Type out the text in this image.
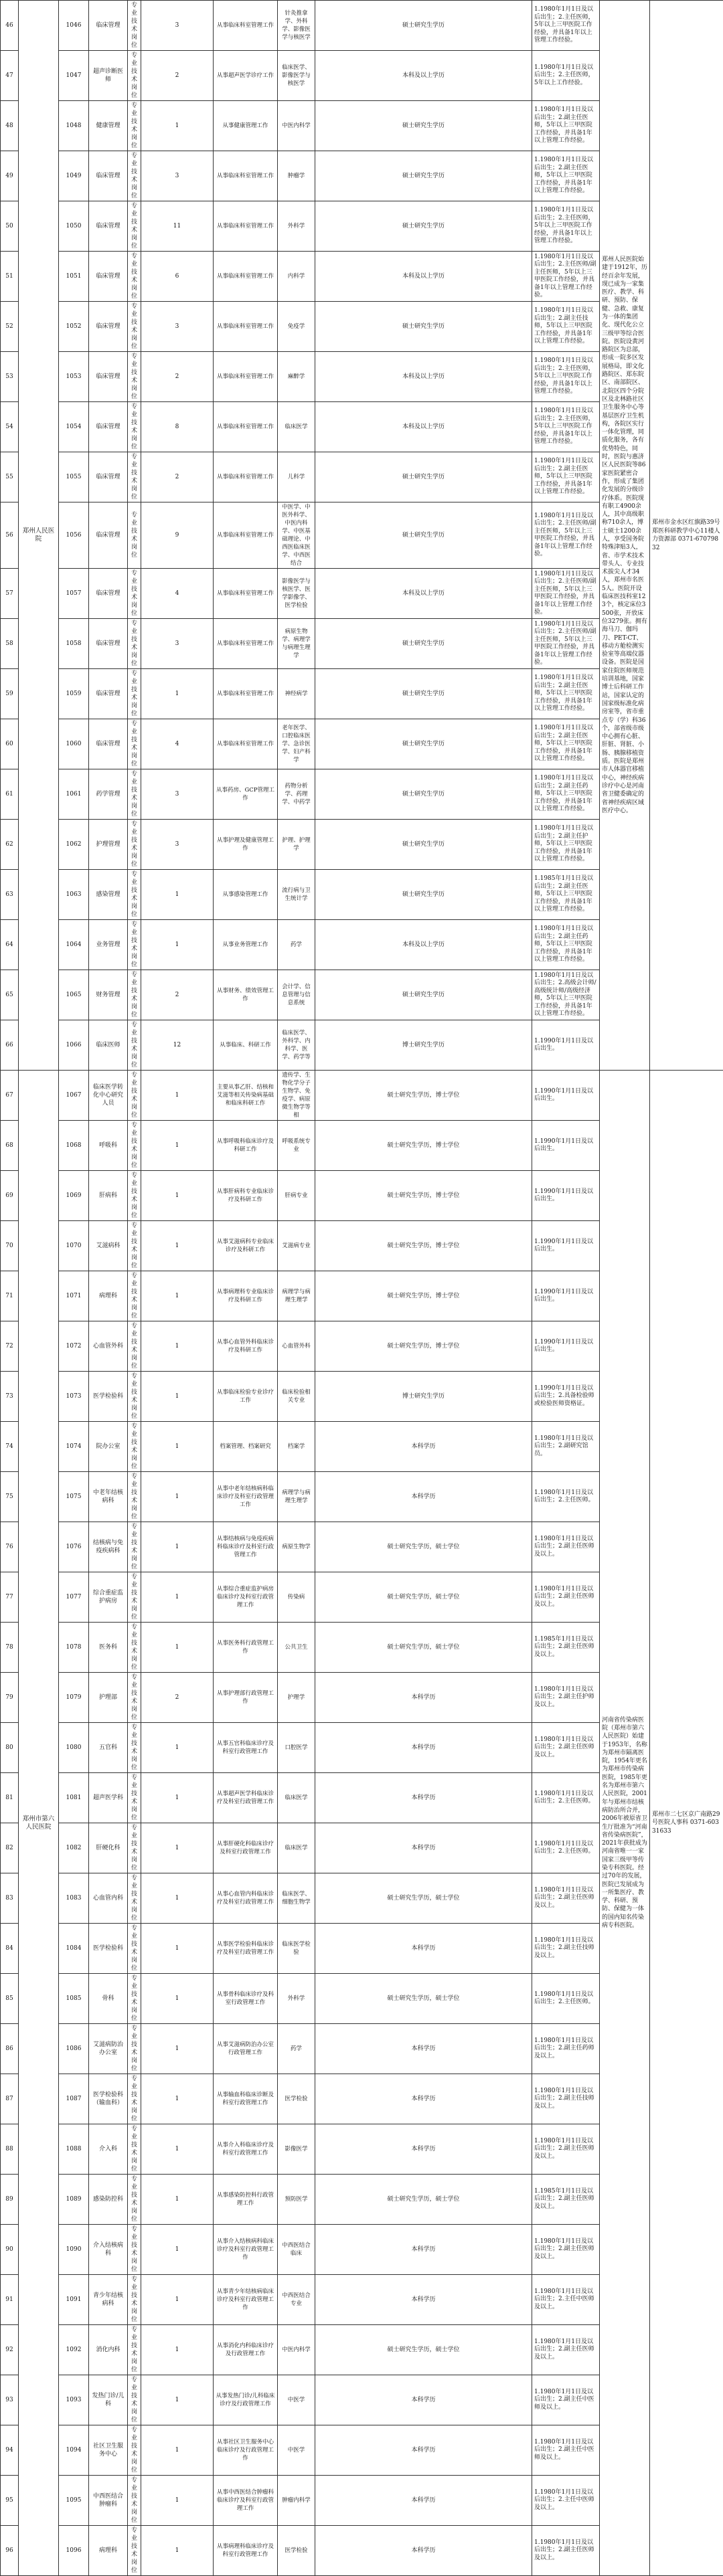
46	郑州人民医院	1046	临床管理	专业技术岗位	3	从事临床科室管理工作	针灸推拿学、外科学、影像医学与核医学	硕士研究生学历	1.1980年1月1日及以后出生；2.主任医师，5年以上三甲医院工作经验，并具备1年以上管理工作经验。	郑州人民医院始建于1912年，历经百余年发展，现已成为一家集医疗、教学、科研、预防、保健、急救、康复为一体的集团化、现代化公立三级甲等综合医院。医院设黄河路院区为总部，形成一院多区发展格局，即文化路院区、郑东院区、南部院区、北院区四个分院区及北林路社区卫生服务中心等基层医疗卫生机构，各院区实行一体化管理，同质化服务，各有优势特色，同时，医院与惠济区人民医院等86家医院紧密合作，形成了集团化发展的分级诊疗体系。医院现有职工4900余人，其中高级职称710余人，博士硕士1200余人，享受国务院特殊津贴3人，省、市学术技术带头人、专业技术拔尖人才34人，郑州市名医5人。医院开设临床医技科室123个，核定床位3500张，开放床位3279张。拥有海马刀、伽玛刀、PET-CT、移动方舱检测实验室等高端仪器设备。医院是国家住院医师规范培训基地，国家博士后科研工作站，国家认定的国家级标准化病房室等，省市重点专（学）科36个，部省级市级中心拥有心脏、肝脏、肾脏、小肠、胰腺移植资质。医院是郑州市人体器官移植中心，神经疾病诊疗中心是河南省卫健委确定的省神经疾病区域医疗中心。	郑州市金水区红旗路39号郑医科研教学中心11楼人力资源部 0371-67079832
47		1047	超声诊断医师	专业技术岗位	2	从事超声医学诊疗工作	临床医学、影像医学与核医学	本科及以上学历	1.1980年1月1日及以后出生；2.主任医师，5年以上工作经验。		
48		1048	健康管理	专业技术岗位	1	从事健康管理工作	中医内科学	硕士研究生学历	1.1980年1月1日及以后出生；2.副主任医师，5年以上三甲医院工作经验，并具备1年以上管理工作经验。		
49		1049	临床管理	专业技术岗位	3	从事临床科室管理工作	肿瘤学	硕士研究生学历	1.1980年1月1日及以后出生；2.副主任医师，5年以上三甲医院工作经验，并具备1年以上管理工作经验。		
50		1050	临床管理	专业技术岗位	11	从事临床科室管理工作	外科学	硕士研究生学历	1.1980年1月1日及以后出生；2.主任医师，5年以上三甲医院工作经验，并具备1年以上管理工作经验。		
51		1051	临床管理	专业技术岗位	6	从事临床科室管理工作	内科学	本科及以上学历	1.1980年1月1日及以后出生；2.主任医师/副主任医师，5年以上三甲医院工作经验，并具备1年以上管理工作经验。		
52		1052	临床管理	专业技术岗位	3	从事临床科室管理工作	免疫学	硕士研究生学历	1.1980年1月1日及以后出生；2.副主任技师，5年以上三甲医院工作经验，并具备1年以上管理工作经验。		
53		1053	临床管理	专业技术岗位	2	从事临床科室管理工作	麻醉学	本科及以上学历	1.1980年1月1日及以后出生；2.主任医师，5年以上三甲医院工作经验，并具备1年以上管理工作经验。		
54		1054	临床管理	专业技术岗位	8	从事临床科室管理工作	临床医学	本科及以上学历	1.1980年1月1日及以后出生；2.主任医师，5年以上三甲医院工作经验，并具备1年以上管理工作经验。		
55		1055	临床管理	专业技术岗位	2	从事临床科室管理工作	儿科学	硕士研究生学历	1.1980年1月1日及以后出生；2.副主任医师，5年以上三甲医院工作经验，并具备1年以上管理工作经验。		
56		1056	临床管理	专业技术岗位	9	从事临床科室管理工作	中医学、中医外科学、中医内科学、中医基础理论、中西医临床医学、中西医结合	硕士研究生学历	1.1980年1月1日及以后出生；2.主任医师/副主任医师，5年以上三甲医院工作经验，并具备1年以上管理工作经验。		
57		1057	临床管理	专业技术岗位	4	从事临床科室管理工作	影像医学与核医学、医学影像学、医学检验	本科及以上学历	1.1980年1月1日及以后出生；2.主任医师/副主任医师，5年以上三甲医院工作经验，并具备1年以上管理工作经验。		
58		1058	临床管理	专业技术岗位	3	从事临床科室管理工作	病原生物学、病理学与病理生理学	硕士研究生学历	1.1980年1月1日及以后出生；2.主任医师/副主任医师，5年以上三甲医院工作经验，并具备1年以上管理工作经验。		
59		1059	临床管理	专业技术岗位	1	从事临床科室管理工作	神经病学	硕士研究生学历	1.1980年1月1日及以后出生；2.副主任医师，5年以上三甲医院工作经验，并具备1年以上管理工作经验。		
60		1060	临床管理	专业技术岗位	4	从事临床科室管理工作	老年医学、口腔临床医学、急诊医学、妇产科学	硕士研究生学历	1.1980年1月1日及以后出生；2.副主任医师，5年以上三甲医院工作经验，并具备1年以上管理工作经验。		
61		1061	药学管理	专业技术岗位	3	从事药房、GCP管理工作	药物分析学、药理学、中药学	硕士研究生学历	1.1980年1月1日及以后出生；2.副主任药师，5年以上三甲医院工作经验，并具备1年以上管理工作经验。		
62		1062	护理管理	专业技术岗位	3	从事护理及健康管理工作	护理、护理学	硕士研究生学历	1.1980年1月1日及以后出生；2.副主任护师，5年以上三甲医院工作经验，并具备1年以上管理工作经验。		
63		1063	感染管理	专业技术岗位	1	从事感染管理工作	流行病与卫生统计学	硕士研究生学历	1.1985年1月1日及以后出生；2.副主任医师，5年以上三甲医院工作经验，并具备1年以上管理工作经验。		
64		1064	业务管理	专业技术岗位	1	从事业务管理工作	药学	本科及以上学历	1.1980年1月1日及以后出生；2.副主任药师，5年以上三甲医院工作经验，并具备1年以上管理工作经验。		
65		1065	财务管理	专业技术岗位	2	从事财务、绩效管理工作	会计学、信息管理与信息系统	硕士研究生学历	1.1980年1月1日及以后出生；2.高级会计师/高级统计师/高级经济师，5年以上三甲医院工作经验，并具备1年以上管理工作经验。		
66		1066	临床医师	专业技术岗位	12	从事临床、科研工作	临床医学、外科学、内科学、医学、药学等	博士研究生学历	1.1990年1月1日及以后出生。		
67	郑州市第六人民医院	1067	临床医学转化中心研究人员	专业技术岗位	1	主要从事乙肝、结核和艾滋等相关传染病基础和临床科研工作	遗传学、生物化学分子生物学、免疫学、病原微生物学等相	硕士研究生学历，博士学位	1.1990年1月1日及以后出生。	河南省传染病医院（郑州市第六人民医院）始建于1953年，名称为郑州市隔离医院，1954年更名为郑州市传染病医院，1985年更名为郑州市第六人民医院，2001年与郑州市结核病防治所合并，2006年被原省卫生厅批准为“河南省传染病医院”，2021年获批成为河南省唯一一家国家三级甲等传染专科医院。经过70年的发展，医院已发展成为一所集医疗、教学、科研、预防、保健为一体的国内知名传染病专科医院。	郑州市二七区京广南路29号医院人事科 0371-60331633
68		1068	呼吸科	专业技术岗位	1	从事呼吸科临床诊疗及科研工作	呼吸系统专业	硕士研究生学历，博士学位	1.1990年1月1日及以后出生。		
69		1069	肝病科	专业技术岗位	1	从事肝病科专业临床诊疗及科研工作	肝病专业	硕士研究生学历，博士学位	1.1990年1月1日及以后出生。		
70		1070	艾滋病科	专业技术岗位	1	从事艾滋病科专业临床诊疗及科研工作	艾滋病专业	硕士研究生学历，博士学位	1.1990年1月1日及以后出生。		
71		1071	病理科	专业技术岗位	1	从事病理科专业临床诊疗及科研工作	病理学与病理生理学	硕士研究生学历，博士学位	1.1990年1月1日及以后出生。		
72		1072	心血管外科	专业技术岗位	1	从事心血管外科临床诊疗及科研工作	心血管外科	硕士研究生学历，博士学位	1.1990年1月1日及以后出生。		
73		1073	医学检验科	专业技术岗位	1	从事临床检验专业诊疗工作	临床检验相关专业	博士研究生学历	1.1990年1月1日及以后出生；2.具备检验师或检验医师资格证。		
74		1074	院办公室	专业技术岗位	1	档案管理、档案研究	档案学	本科学历	1.1980年1月1日及以后出生；2.副研究馆员。		
75		1075	中老年结核病科	专业技术岗位	1	从事中老年结核病科临床诊疗及科室行政管理工作	病理学与病理生理学	本科学历	1.1980年1月1日及以后出生；2.主任医师。		
76		1076	结核病与免疫疾病科	专业技术岗位	1	从事结核病与免疫疾病科临床诊疗及科室行政管理工作	病原生物学	硕士研究生学历，硕士学位	1.1980年1月1日及以后出生；2.副主任医师及以上。		
77		1077	综合重症监护病房	专业技术岗位	1	从事综合重症监护病房临床诊疗及科室行政管理工作	传染病	硕士研究生学历，硕士学位	1.1980年1月1日及以后出生；2.副主任医师及以上。		
78		1078	医务科	专业技术岗位	1	从事医务科行政管理工作	公共卫生	硕士研究生学历，硕士学位	1.1985年1月1日及以后出生；2.副主任医师及以上。		
79		1079	护理部	专业技术岗位	2	从事护理部行政管理工作	护理学	本科学历	1.1980年1月1日及以后出生；2.副主任护师及以上。		
80		1080	五官科	专业技术岗位	1	从事五官科临床诊疗及科室行政管理工作	口腔医学	本科学历	1.1980年1月1日及以后出生；2.副主任医师及以上。		
81		1081	超声医学科	专业技术岗位	1	从事超声医学科临床诊疗及科室行政管理工作	临床医学	本科学历	1.1980年1月1日及以后出生；2.主任医师。		
82		1082	肝硬化科	专业技术岗位	1	从事肝硬化科临床诊疗及科室行政管理工作	临床医学	本科学历	1.1980年1月1日及以后出生；2.主任医师。		
83		1083	心血管内科	专业技术岗位	1	从事心血管内科临床诊疗及科室行政管理工作	临床医学、细胞生物学	硕士研究生学历，硕士学位	1.1980年1月1日及以后出生；2.副主任医师及以上。		
84		1084	医学检验科	专业技术岗位	1	从事医学检验科临床诊疗及科室行政管理工作	临床医学检验	本科学历	1.1980年1月1日及以后出生；2.副主任技师及以上。		
85		1085	骨科	专业技术岗位	1	从事骨科临床诊疗及科室行政管理工作	外科学	硕士研究生学历，硕士学位	1.1980年1月1日及以后出生；2.主任医师。		
86		1086	艾滋病防治办公室	专业技术岗位	1	从事艾滋病防治办公室行政管理工作	药学	本科学历	1.1980年1月1日及以后出生；2.副主任药师及以上。		
87		1087	医学检验科（输血科）	专业技术岗位	1	从事输血科临床诊断及科室行政管理工作	医学检验	本科学历	1.1980年1月1日及以后出生；2.副主任技师及以上。		
88		1088	介入科	专业技术岗位	1	从事介入科临床诊疗及科室行政管理工作	影像医学	本科学历	1.1980年1月1日及以后出生；2.副主任医师及以上。		
89		1089	感染防控科	专业技术岗位	1	从事感染防控科行政管理工作	预防医学	硕士研究生学历，硕士学位	1.1985年1月1日及以后出生；2.副主任医师及以上。		
90		1090	介入结核病科	专业技术岗位	1	从事介入结核病科临床诊疗及科室行政管理工作	中西医结合临床	本科学历	1.1980年1月1日及以后出生；2.副主任医师及以上。		
91		1091	青少年结核病科	专业技术岗位	1	从事青少年结核病临床诊疗及科室行政管理工作	中西医结合专业	本科学历	1.1980年1月1日及以后出生；2.主任中医师及以上。		
92		1092	消化内科	专业技术岗位	1	从事消化内科临床诊疗及行政管理工作	中医内科学	硕士研究生学历，硕士学位	1.1980年1月1日及以后出生；2.副主任医师及以上。		
93		1093	发热门诊/儿科	专业技术岗位	1	从事发热门诊/儿科临床诊疗及行政管理工作	中医学	本科学历	1.1980年1月1日及以后出生；2.副主任中医师及以上。		
94		1094	社区卫生服务中心	专业技术岗位	1	从事社区卫生服务中心临床诊疗及行政管理工作	中医学	本科学历	1.1980年1月1日及以后出生；2.副主任中医师及以上。		
95		1095	中西医结合肿瘤科	专业技术岗位	1	从事中西医结合肿瘤科临床诊疗及科室行政管理工作	肿瘤内科学	本科学历	1.1980年1月1日及以后出生；2.主任中医师及以上。		
96		1096	病理科	专业技术岗位	1	从事病理科临床诊疗及科室行政管理工作	医学检验	本科学历	1.1980年1月1日及以后出生；2.副主任医师及以上。		
